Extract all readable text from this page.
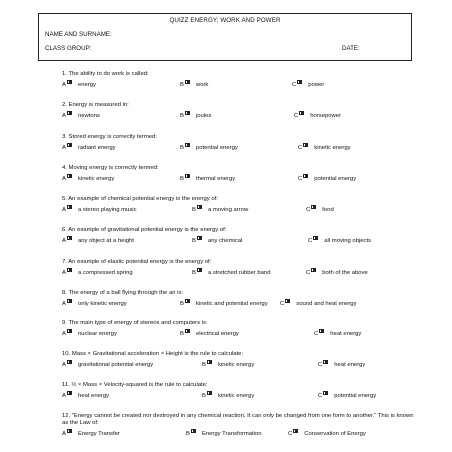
QUIZZ ENERGY; WORK AND POWER
NAME AND SURNAME:
CLASS GROUP:	DATE:
1. The ability to do work is called:
A energy	B work	C power
2. Energy is measured in:
A newtons	B joules	C horsepower
3. Stored energy is correctly termed:
A radiant energy	B potential energy	C kinetic energy
4. Moving energy is correctly termed:
A kinetic energy	B thermal energy	C potential energy
5. An example of chemical potential energy is the energy of:
A a stereo playing music	B a moving arrow	C food
6. An example of gravitational potential energy is the energy of:
A any object at a height	B any chemical	C all moving objects
7. An example of elastic potential energy is the energy of:
A a compressed spring	B a stretched rubber band	C both of the above
8. The energy of a ball flying through the air is:
A only kinetic energy	B kinetic and potential energy C sound and heat energy
9. The main type of energy of stereos and computers is:
A nuclear energy	B electrical energy	C heat energy
10. Mass × Gravitational acceleration × Height is the rule to calculate:
A gravitational potential energy	B kinetic energy	C heat energy
11. ½ × Mass × Velocity-squared is the rule to calculate:
A heat energy	B kinetic energy	C potential energy
12. "Energy cannot be created nor destroyed in any chemical reaction. It can only be changed from one form to another." This is known as the Law of:
A Energy Transfer	B Energy Transformation	C Conservation of Energy
